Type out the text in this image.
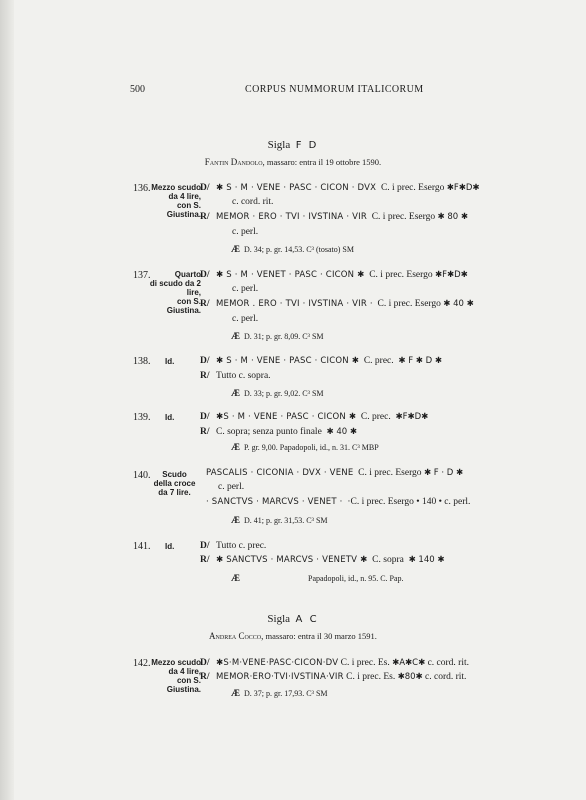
500	CORPUS NUMMORUM ITALICORUM
Sigla F D
Fantin Dandolo, massaro: entra il 19 ottobre 1590.
136. Mezzo scudo
da 4 lire,
con S. Giustina.
D/ ✱ S · M · VENE · PASC · CICON · DVX C. i prec. Esergo ✱F✱D✱
c. cord. rit.
R/ MEMOR · ERO · TVI · IVSTINA · VIR C. i prec. Esergo ✱ 80 ✱
c. perl.
Æ D. 34; p. gr. 14,53. C³ (tosato) SM
137.	Quarto
di scudo da 2 lire,
con S. Giustina.
D/ ✱ S · M · VENET · PASC · CICON ✱ C. i prec. Esergo ✱F✱D✱
c. perl.
R/ MEMOR . ERO · TVI · IVSTINA · VIR · C. i prec. Esergo ✱ 40 ✱
c. perl.
Æ D. 31; p. gr. 8,09. C³ SM
138. Id.	D/ ✱ S · M · VENE · PASC · CICON ✱ C. prec. ✱ F ✱ D ✱
R/ Tutto c. sopra.
Æ D. 33; p. gr. 9,02. C³ SM
139. Id.	D/ ✱S · M · VENE · PASC · CICON ✱ C. prec. ✱F✱D✱
R/ C. sopra; senza punto finale ✱ 40 ✱
Æ P. gr. 9,00. Papadopoli, id., n. 31. C³ MBP
140.	Scudo
della croce
da 7 lire.
PASCALIS · CICONIA · DVX · VENE C. i prec. Esergo ✱ F · D ✱
c. perl.
· SANCTVS · MARCVS · VENET · ·C. i prec. Esergo • 140 • c. perl.
Æ D. 41; p. gr. 31,53. C³ SM
141. Id.	D/ Tutto c. prec.
R/ ✱ SANCTVS · MARCVS · VENETV ✱ C. sopra ✱ 140 ✱
Æ	Papadopoli, id., n. 95. C. Pap.
Sigla A C
Andrea Cocco, massaro: entra il 30 marzo 1591.
142. Mezzo scudo
da 4 lire,
con S. Giustina.
D/ ✱S·M·VENE·PASC·CICON·DV C. i prec. Es. ✱A✱C✱ c. cord. rit.
R/ MEMOR·ERO·TVI·IVSTINA·VIR C. i prec. Es. ✱80✱ c. cord. rit.
Æ D. 37; p. gr. 17,93. C³ SM
